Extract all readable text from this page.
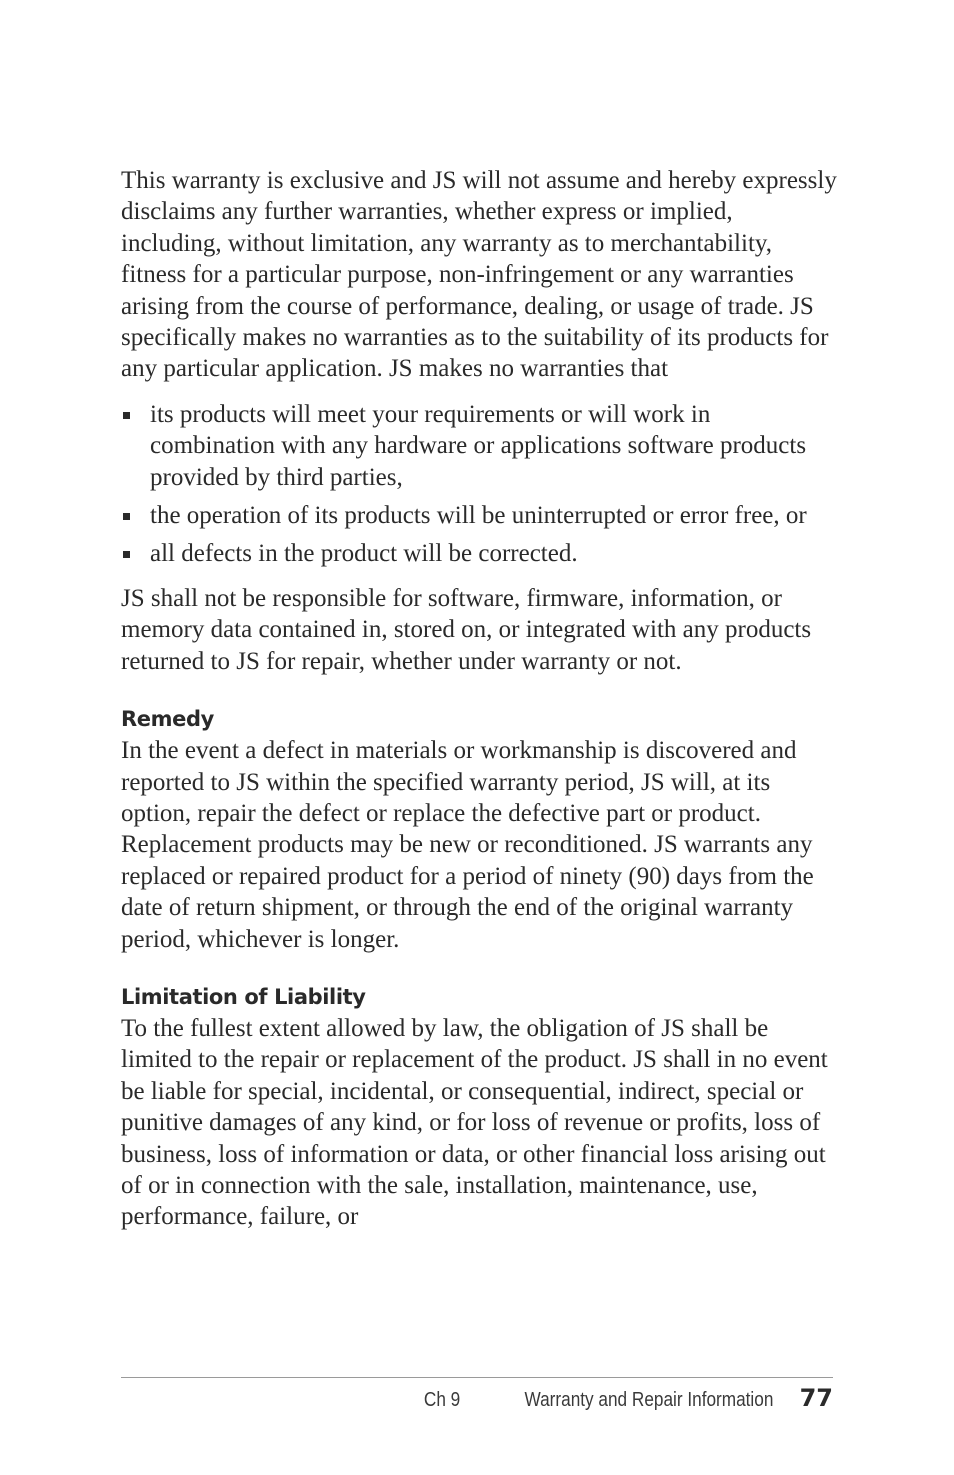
This warranty is exclusive and JS will not assume and hereby expressly disclaims any further warranties, whether express or implied, including, without limitation, any warranty as to merchantability, fitness for a particular purpose, non-infringement or any warranties arising from the course of performance, dealing, or usage of trade. JS specifically makes no warranties as to the suitability of its products for any particular application. JS makes no warranties that

its products will meet your requirements or will work in combination with any hardware or applications software products provided by third parties,
the operation of its products will be uninterrupted or error free, or
all defects in the product will be corrected.

JS shall not be responsible for software, firmware, information, or memory data contained in, stored on, or integrated with any products returned to JS for repair, whether under warranty or not.

Remedy

In the event a defect in materials or workmanship is discovered and reported to JS within the specified warranty period, JS will, at its option, repair the defect or replace the defective part or product. Replacement products may be new or reconditioned. JS warrants any replaced or repaired product for a period of ninety (90) days from the date of return shipment, or through the end of the original warranty period, whichever is longer.

Limitation of Liability

To the fullest extent allowed by law, the obligation of JS shall be limited to the repair or replacement of the product. JS shall in no event be liable for special, incidental, or consequential, indirect, special or punitive damages of any kind, or for loss of revenue or profits, loss of business, loss of information or data, or other financial loss arising out of or in connection with the sale, installation, maintenance, use, performance, failure, or

Ch 9	Warranty and Repair Information 77
